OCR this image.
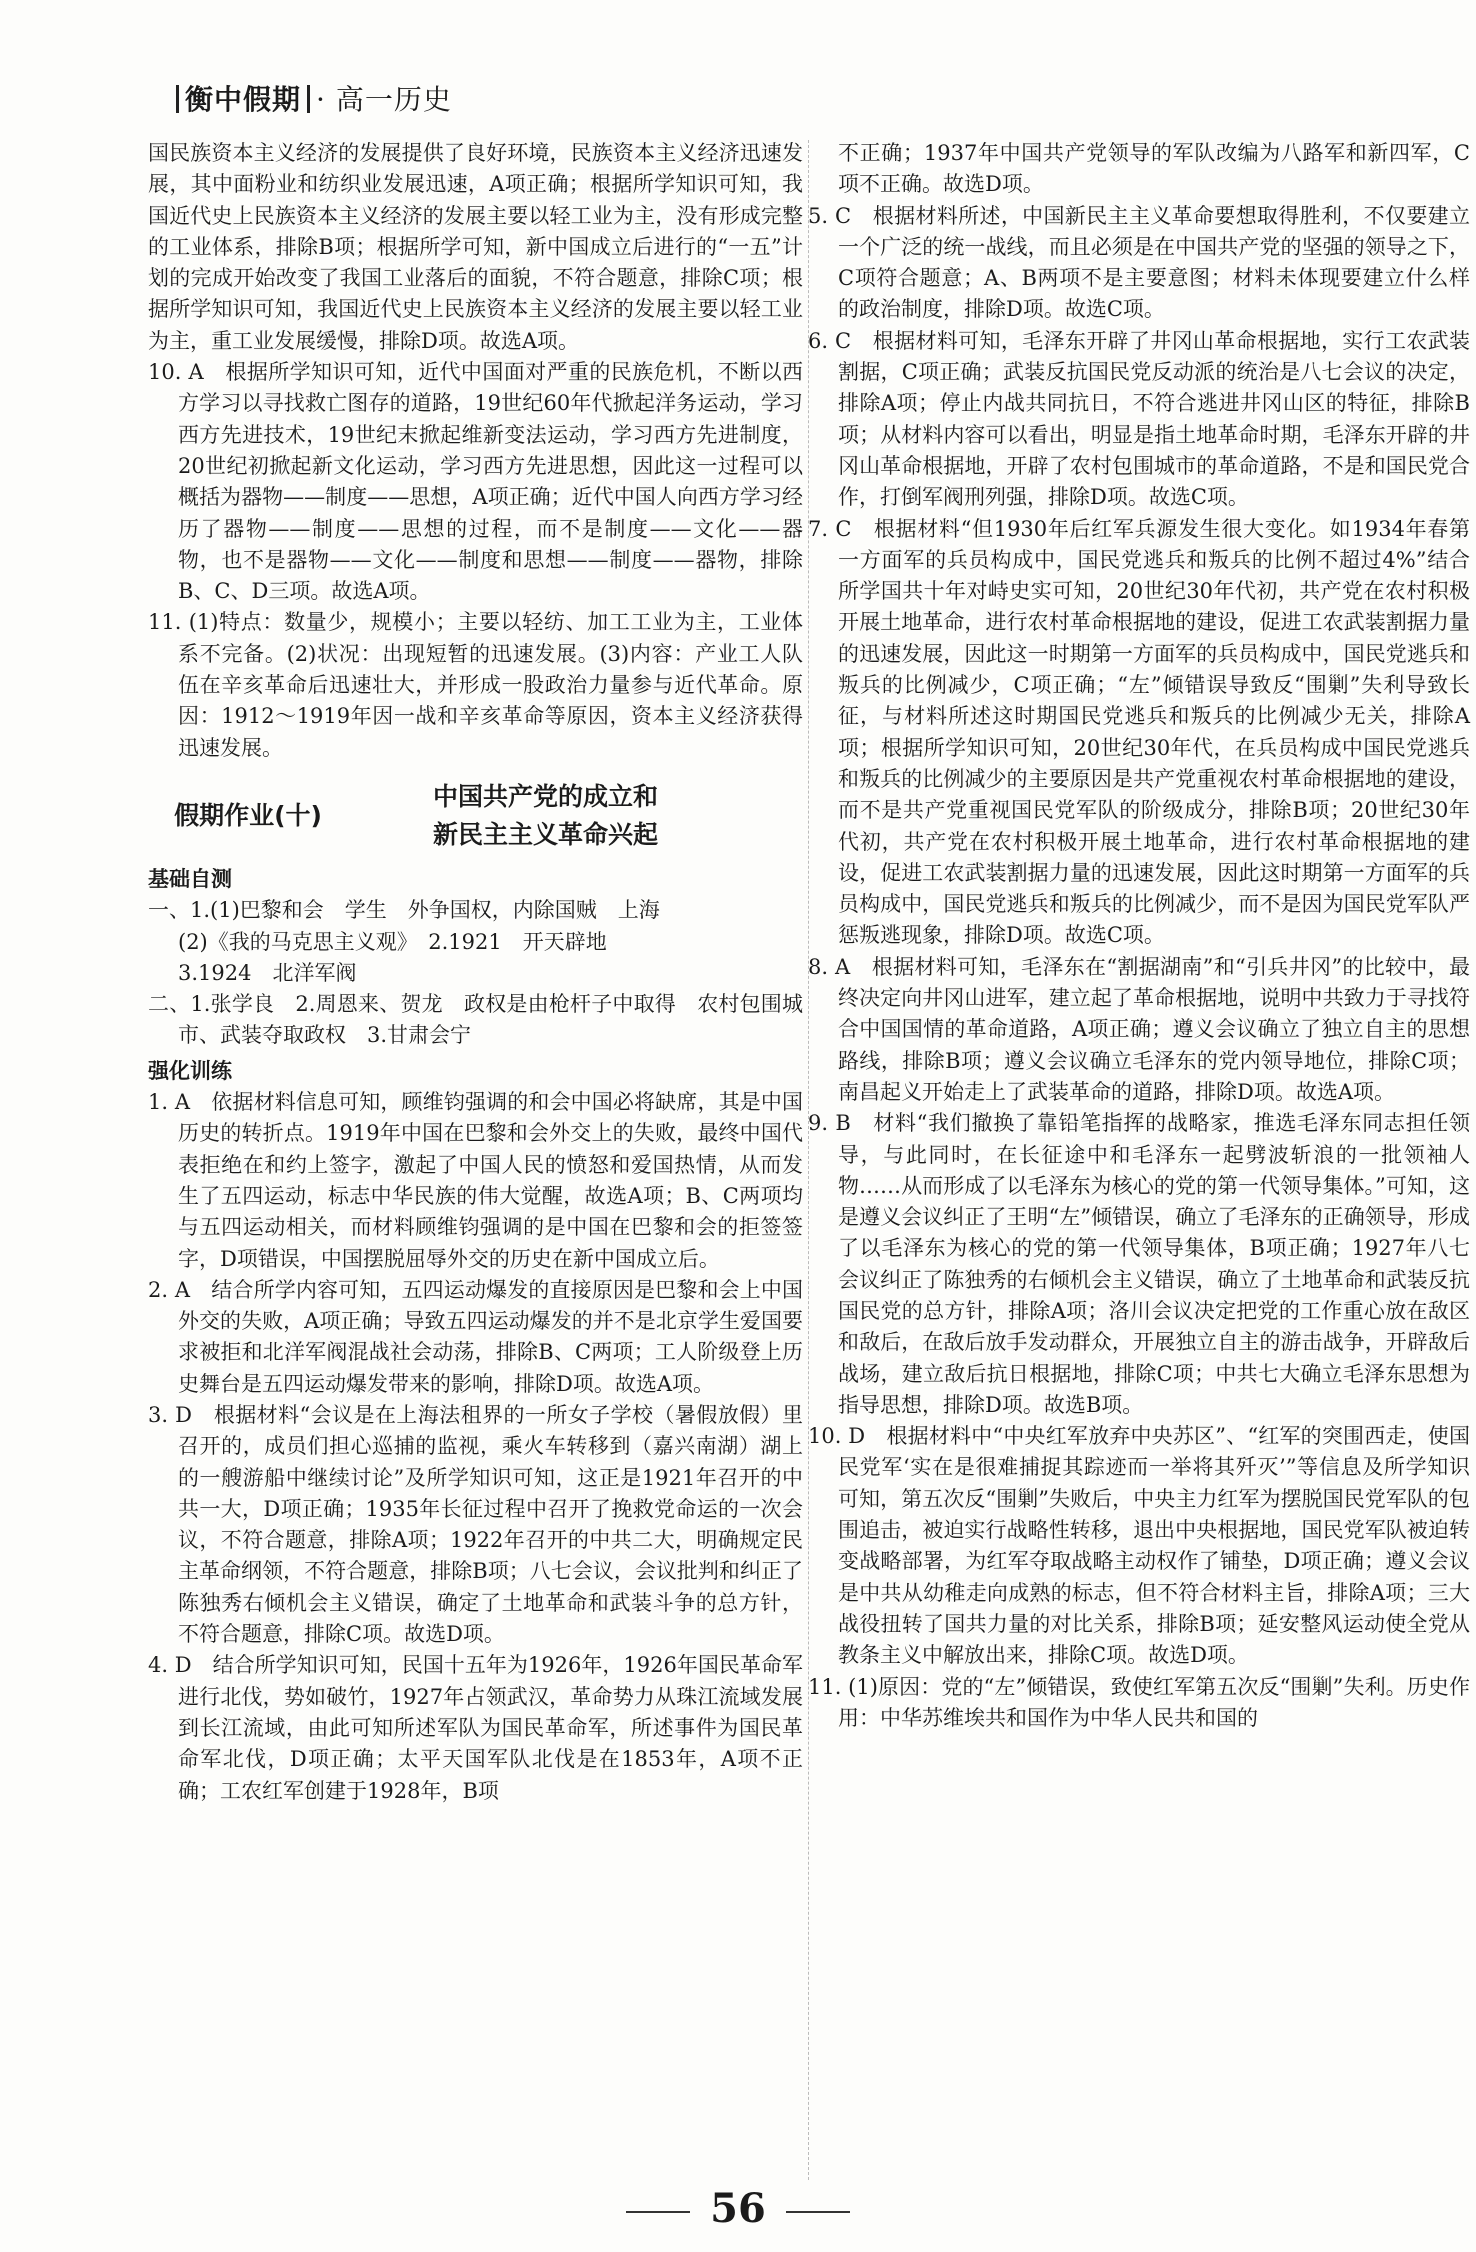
衡中假期 · 高一历史

国民族资本主义经济的发展提供了良好环境，民族资本主义经济迅速发展，其中面粉业和纺织业发展迅速，A项正确；根据所学知识可知，我国近代史上民族资本主义经济的发展主要以轻工业为主，没有形成完整的工业体系，排除B项；根据所学可知，新中国成立后进行的“一五”计划的完成开始改变了我国工业落后的面貌，不符合题意，排除C项；根据所学知识可知，我国近代史上民族资本主义经济的发展主要以轻工业为主，重工业发展缓慢，排除D项。故选A项。

10. A　根据所学知识可知，近代中国面对严重的民族危机，不断以西方学习以寻找救亡图存的道路，19世纪60年代掀起洋务运动，学习西方先进技术，19世纪末掀起维新变法运动，学习西方先进制度，20世纪初掀起新文化运动，学习西方先进思想，因此这一过程可以概括为器物——制度——思想，A项正确；近代中国人向西方学习经历了器物——制度——思想的过程，而不是制度——文化——器物，也不是器物——文化——制度和思想——制度——器物，排除B、C、D三项。故选A项。

11. (1)特点：数量少，规模小；主要以轻纺、加工工业为主，工业体系不完备。(2)状况：出现短暂的迅速发展。(3)内容：产业工人队伍在辛亥革命后迅速壮大，并形成一股政治力量参与近代革命。原因：1912～1919年因一战和辛亥革命等原因，资本主义经济获得迅速发展。

假期作业(十)
中国共产党的成立和
新民主主义革命兴起

基础自测

一、1.(1)巴黎和会　学生　外争国权，内除国贼　上海

(2)《我的马克思主义观》　2.1921　开天辟地

3.1924　北洋军阀

二、1.张学良　2.周恩来、贺龙　政权是由枪杆子中取得　农村包围城市、武装夺取政权　3.甘肃会宁

强化训练

1. A　依据材料信息可知，顾维钧强调的和会中国必将缺席，其是中国历史的转折点。1919年中国在巴黎和会外交上的失败，最终中国代表拒绝在和约上签字，激起了中国人民的愤怒和爱国热情，从而发生了五四运动，标志中华民族的伟大觉醒，故选A项；B、C两项均与五四运动相关，而材料顾维钧强调的是中国在巴黎和会的拒签签字，D项错误，中国摆脱屈辱外交的历史在新中国成立后。

2. A　结合所学内容可知，五四运动爆发的直接原因是巴黎和会上中国外交的失败，A项正确；导致五四运动爆发的并不是北京学生爱国要求被拒和北洋军阀混战社会动荡，排除B、C两项；工人阶级登上历史舞台是五四运动爆发带来的影响，排除D项。故选A项。

3. D　根据材料“会议是在上海法租界的一所女子学校（暑假放假）里召开的，成员们担心巡捕的监视，乘火车转移到（嘉兴南湖）湖上的一艘游船中继续讨论”及所学知识可知，这正是1921年召开的中共一大，D项正确；1935年长征过程中召开了挽救党命运的一次会议，不符合题意，排除A项；1922年召开的中共二大，明确规定民主革命纲领，不符合题意，排除B项；八七会议，会议批判和纠正了陈独秀右倾机会主义错误，确定了土地革命和武装斗争的总方针，不符合题意，排除C项。故选D项。

4. D　结合所学知识可知，民国十五年为1926年，1926年国民革命军进行北伐，势如破竹，1927年占领武汉，革命势力从珠江流域发展到长江流域，由此可知所述军队为国民革命军，所述事件为国民革命军北伐，D项正确；太平天国军队北伐是在1853年，A项不正确；工农红军创建于1928年，B项

不正确；1937年中国共产党领导的军队改编为八路军和新四军，C项不正确。故选D项。

5. C　根据材料所述，中国新民主主义革命要想取得胜利，不仅要建立一个广泛的统一战线，而且必须是在中国共产党的坚强的领导之下，C项符合题意；A、B两项不是主要意图；材料未体现要建立什么样的政治制度，排除D项。故选C项。

6. C　根据材料可知，毛泽东开辟了井冈山革命根据地，实行工农武装割据，C项正确；武装反抗国民党反动派的统治是八七会议的决定，排除A项；停止内战共同抗日，不符合逃进井冈山区的特征，排除B项；从材料内容可以看出，明显是指土地革命时期，毛泽东开辟的井冈山革命根据地，开辟了农村包围城市的革命道路，不是和国民党合作，打倒军阀刑列强，排除D项。故选C项。

7. C　根据材料“但1930年后红军兵源发生很大变化。如1934年春第一方面军的兵员构成中，国民党逃兵和叛兵的比例不超过4%”结合所学国共十年对峙史实可知，20世纪30年代初，共产党在农村积极开展土地革命，进行农村革命根据地的建设，促进工农武装割据力量的迅速发展，因此这一时期第一方面军的兵员构成中，国民党逃兵和叛兵的比例减少，C项正确；“左”倾错误导致反“围剿”失利导致长征，与材料所述这时期国民党逃兵和叛兵的比例减少无关，排除A项；根据所学知识可知，20世纪30年代，在兵员构成中国民党逃兵和叛兵的比例减少的主要原因是共产党重视农村革命根据地的建设，而不是共产党重视国民党军队的阶级成分，排除B项；20世纪30年代初，共产党在农村积极开展土地革命，进行农村革命根据地的建设，促进工农武装割据力量的迅速发展，因此这时期第一方面军的兵员构成中，国民党逃兵和叛兵的比例减少，而不是因为国民党军队严惩叛逃现象，排除D项。故选C项。

8. A　根据材料可知，毛泽东在“割据湖南”和“引兵井冈”的比较中，最终决定向井冈山进军，建立起了革命根据地，说明中共致力于寻找符合中国国情的革命道路，A项正确；遵义会议确立了独立自主的思想路线，排除B项；遵义会议确立毛泽东的党内领导地位，排除C项；南昌起义开始走上了武装革命的道路，排除D项。故选A项。

9. B　材料“我们撤换了靠铅笔指挥的战略家，推选毛泽东同志担任领导，与此同时，在长征途中和毛泽东一起劈波斩浪的一批领袖人物……从而形成了以毛泽东为核心的党的第一代领导集体。”可知，这是遵义会议纠正了王明“左”倾错误，确立了毛泽东的正确领导，形成了以毛泽东为核心的党的第一代领导集体，B项正确；1927年八七会议纠正了陈独秀的右倾机会主义错误，确立了土地革命和武装反抗国民党的总方针，排除A项；洛川会议决定把党的工作重心放在敌区和敌后，在敌后放手发动群众，开展独立自主的游击战争，开辟敌后战场，建立敌后抗日根据地，排除C项；中共七大确立毛泽东思想为指导思想，排除D项。故选B项。

10. D　根据材料中“中央红军放弃中央苏区”、“红军的突围西走，使国民党军‘实在是很难捕捉其踪迹而一举将其歼灭’”等信息及所学知识可知，第五次反“围剿”失败后，中央主力红军为摆脱国民党军队的包围追击，被迫实行战略性转移，退出中央根据地，国民党军队被迫转变战略部署，为红军夺取战略主动权作了铺垫，D项正确；遵义会议是中共从幼稚走向成熟的标志，但不符合材料主旨，排除A项；三大战役扭转了国共力量的对比关系，排除B项；延安整风运动使全党从教条主义中解放出来，排除C项。故选D项。

11. (1)原因：党的“左”倾错误，致使红军第五次反“围剿”失利。历史作用：中华苏维埃共和国作为中华人民共和国的

56
